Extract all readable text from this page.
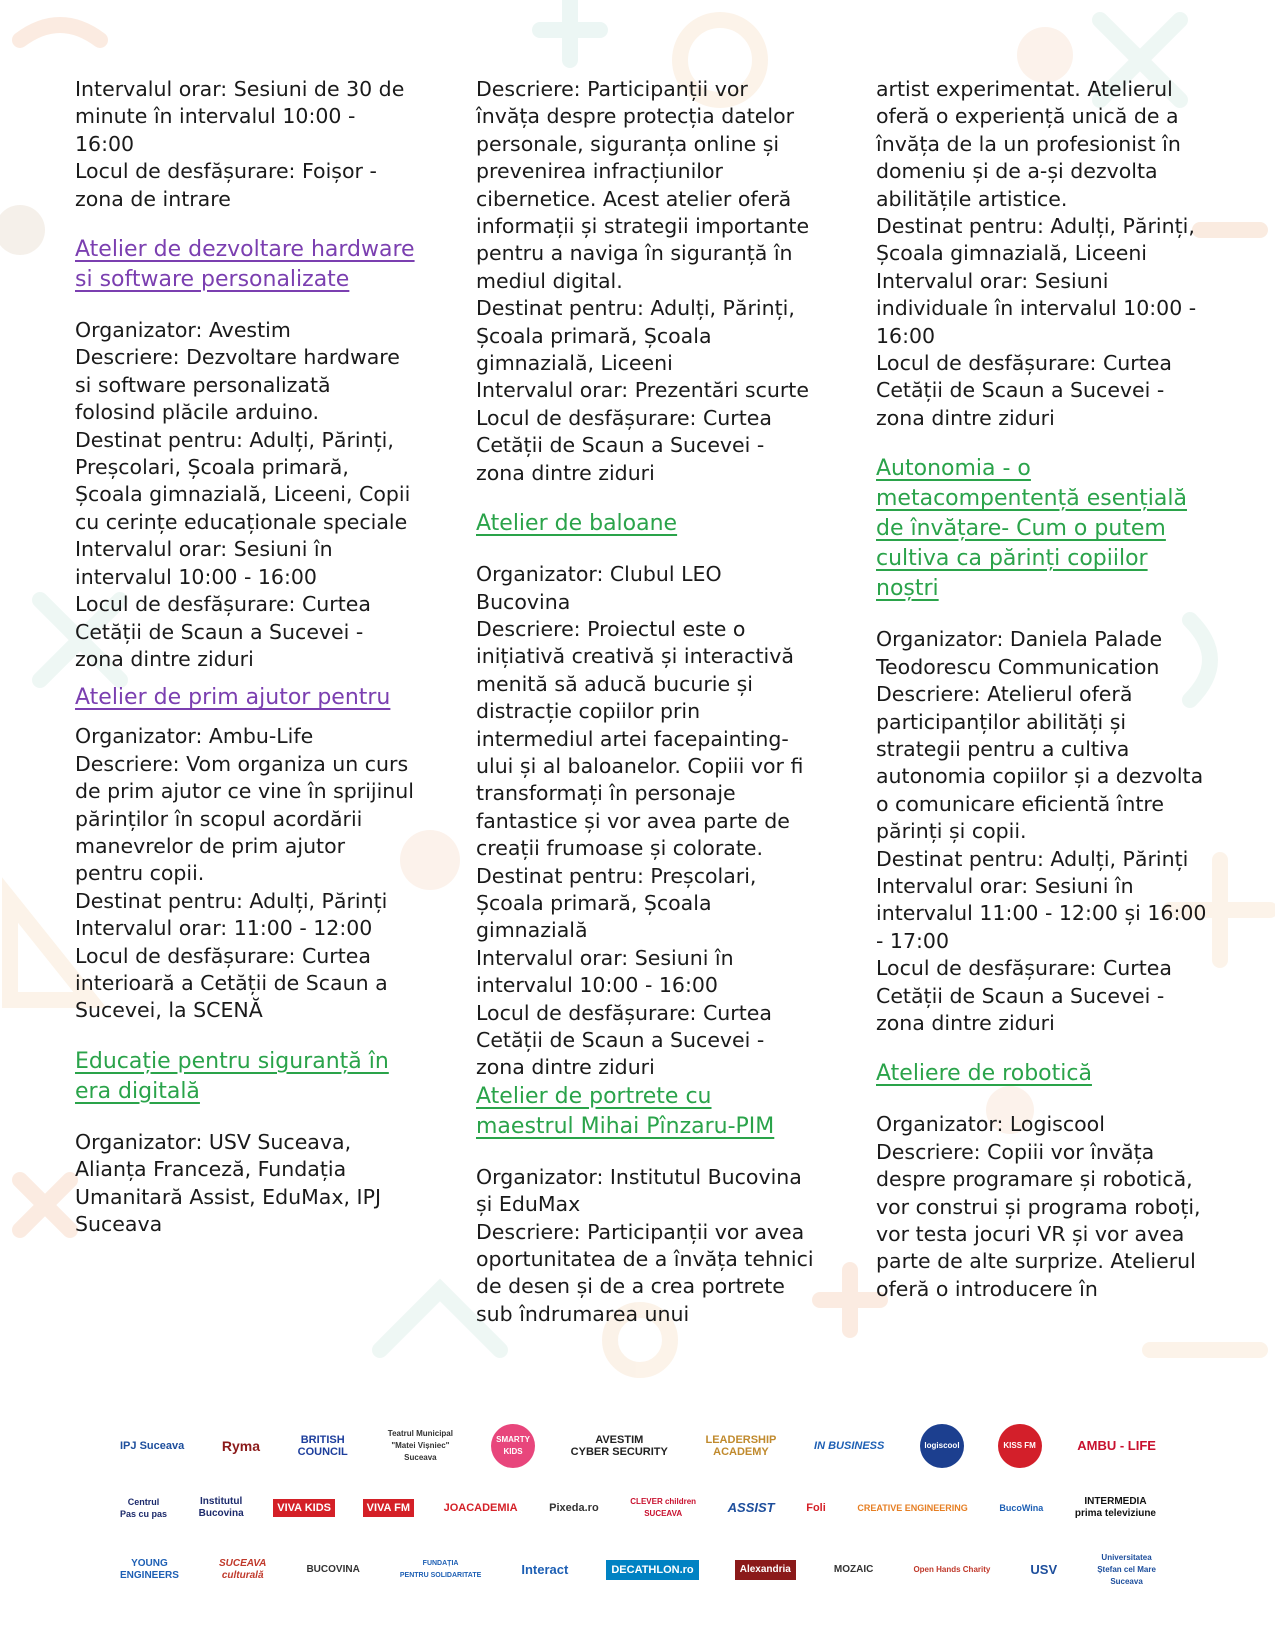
Intervalul orar: Sesiuni de 30 de minute în intervalul 10:00 - 16:00
Locul de desfășurare: Foișor - zona de intrare

Atelier de dezvoltare hardware si software personalizate

Organizator: Avestim
Descriere: Dezvoltare hardware si software personalizată folosind plăcile arduino.
Destinat pentru: Adulți, Părinți, Preșcolari, Școala primară, Școala gimnazială, Liceeni, Copii cu cerințe educaționale speciale
Intervalul orar: Sesiuni în intervalul 10:00 - 16:00
Locul de desfășurare: Curtea Cetății de Scaun a Sucevei - zona dintre ziduri

Atelier de prim ajutor pentru

Organizator: Ambu-Life
Descriere: Vom organiza un curs de prim ajutor ce vine în sprijinul părinților în scopul acordării manevrelor de prim ajutor pentru copii.
Destinat pentru: Adulți, Părinți
Intervalul orar: 11:00 - 12:00
Locul de desfășurare: Curtea interioară a Cetății de Scaun a Sucevei, la SCENĂ

Educație pentru siguranță în era digitală

Organizator: USV Suceava, Alianța Franceză, Fundația Umanitară Assist, EduMax, IPJ Suceava

Descriere: Participanții vor învăța despre protecția datelor personale, siguranța online și prevenirea infracțiunilor cibernetice. Acest atelier oferă informații și strategii importante pentru a naviga în siguranță în mediul digital.
Destinat pentru: Adulți, Părinți, Școala primară, Școala gimnazială, Liceeni
Intervalul orar: Prezentări scurte
Locul de desfășurare: Curtea Cetății de Scaun a Sucevei - zona dintre ziduri

Atelier de baloane

Organizator: Clubul LEO Bucovina
Descriere: Proiectul este o inițiativă creativă și interactivă menită să aducă bucurie și distracție copiilor prin intermediul artei facepainting-ului și al baloanelor. Copiii vor fi transformați în personaje fantastice și vor avea parte de creații frumoase și colorate.
Destinat pentru: Preșcolari, Școala primară, Școala gimnazială
Intervalul orar: Sesiuni în intervalul 10:00 - 16:00
Locul de desfășurare: Curtea Cetății de Scaun a Sucevei - zona dintre ziduri

Atelier de portrete cu maestrul Mihai Pînzaru-PIM

Organizator: Institutul Bucovina și EduMax
Descriere: Participanții vor avea oportunitatea de a învăța tehnici de desen și de a crea portrete sub îndrumarea unui

artist experimentat. Atelierul oferă o experiență unică de a învăța de la un profesionist în domeniu și de a-și dezvolta abilitățile artistice.
Destinat pentru: Adulți, Părinți, Școala gimnazială, Liceeni
Intervalul orar: Sesiuni individuale în intervalul 10:00 - 16:00
Locul de desfășurare: Curtea Cetății de Scaun a Sucevei - zona dintre ziduri

Autonomia - o metacompentență esențială de învățare- Cum o putem cultiva ca părinți copiilor noștri

Organizator: Daniela Palade Teodorescu Communication
Descriere: Atelierul oferă participanților abilități și strategii pentru a cultiva autonomia copiilor și a dezvolta o comunicare eficientă între părinți și copii.
Destinat pentru: Adulți, Părinți
Intervalul orar: Sesiuni în intervalul 11:00 - 12:00 și 16:00 - 17:00
Locul de desfășurare: Curtea Cetății de Scaun a Sucevei - zona dintre ziduri

Ateliere de robotică

Organizator: Logiscool
Descriere: Copiii vor învăța despre programare și robotică, vor construi și programa roboți, vor testa jocuri VR și vor avea parte de alte surprize. Atelierul oferă o introducere în

IPJ Suceava	Ryma	BRITISH
COUNCIL
Teatrul Municipal "Matei Vișniec" Suceava
SMARTY KIDS
AVESTIM
CYBER SECURITY
LEADERSHIP
ACADEMY	IN BUSINESS	logiscool	KISS FM	AMBU - LIFE
Centrul
Pas cu pas
Institutul
Bucovina	VIVA KIDS	VIVA FM	JOACADEMIA	Pixeda.ro
CLEVER children
SUCEAVA	ASSIST	Foli	CREATIVE ENGINEERING	BucoWina
INTERMEDIA
prima televiziune
YOUNG
ENGINEERS
SUCEAVA
culturală
BUCOVINA
FUNDAȚIA
PENTRU SOLIDARITATE	Interact	DECATHLON.ro	Alexandria	MOZAIC	Open Hands Charity	USV
Universitatea
Ștefan cel Mare
Suceava
